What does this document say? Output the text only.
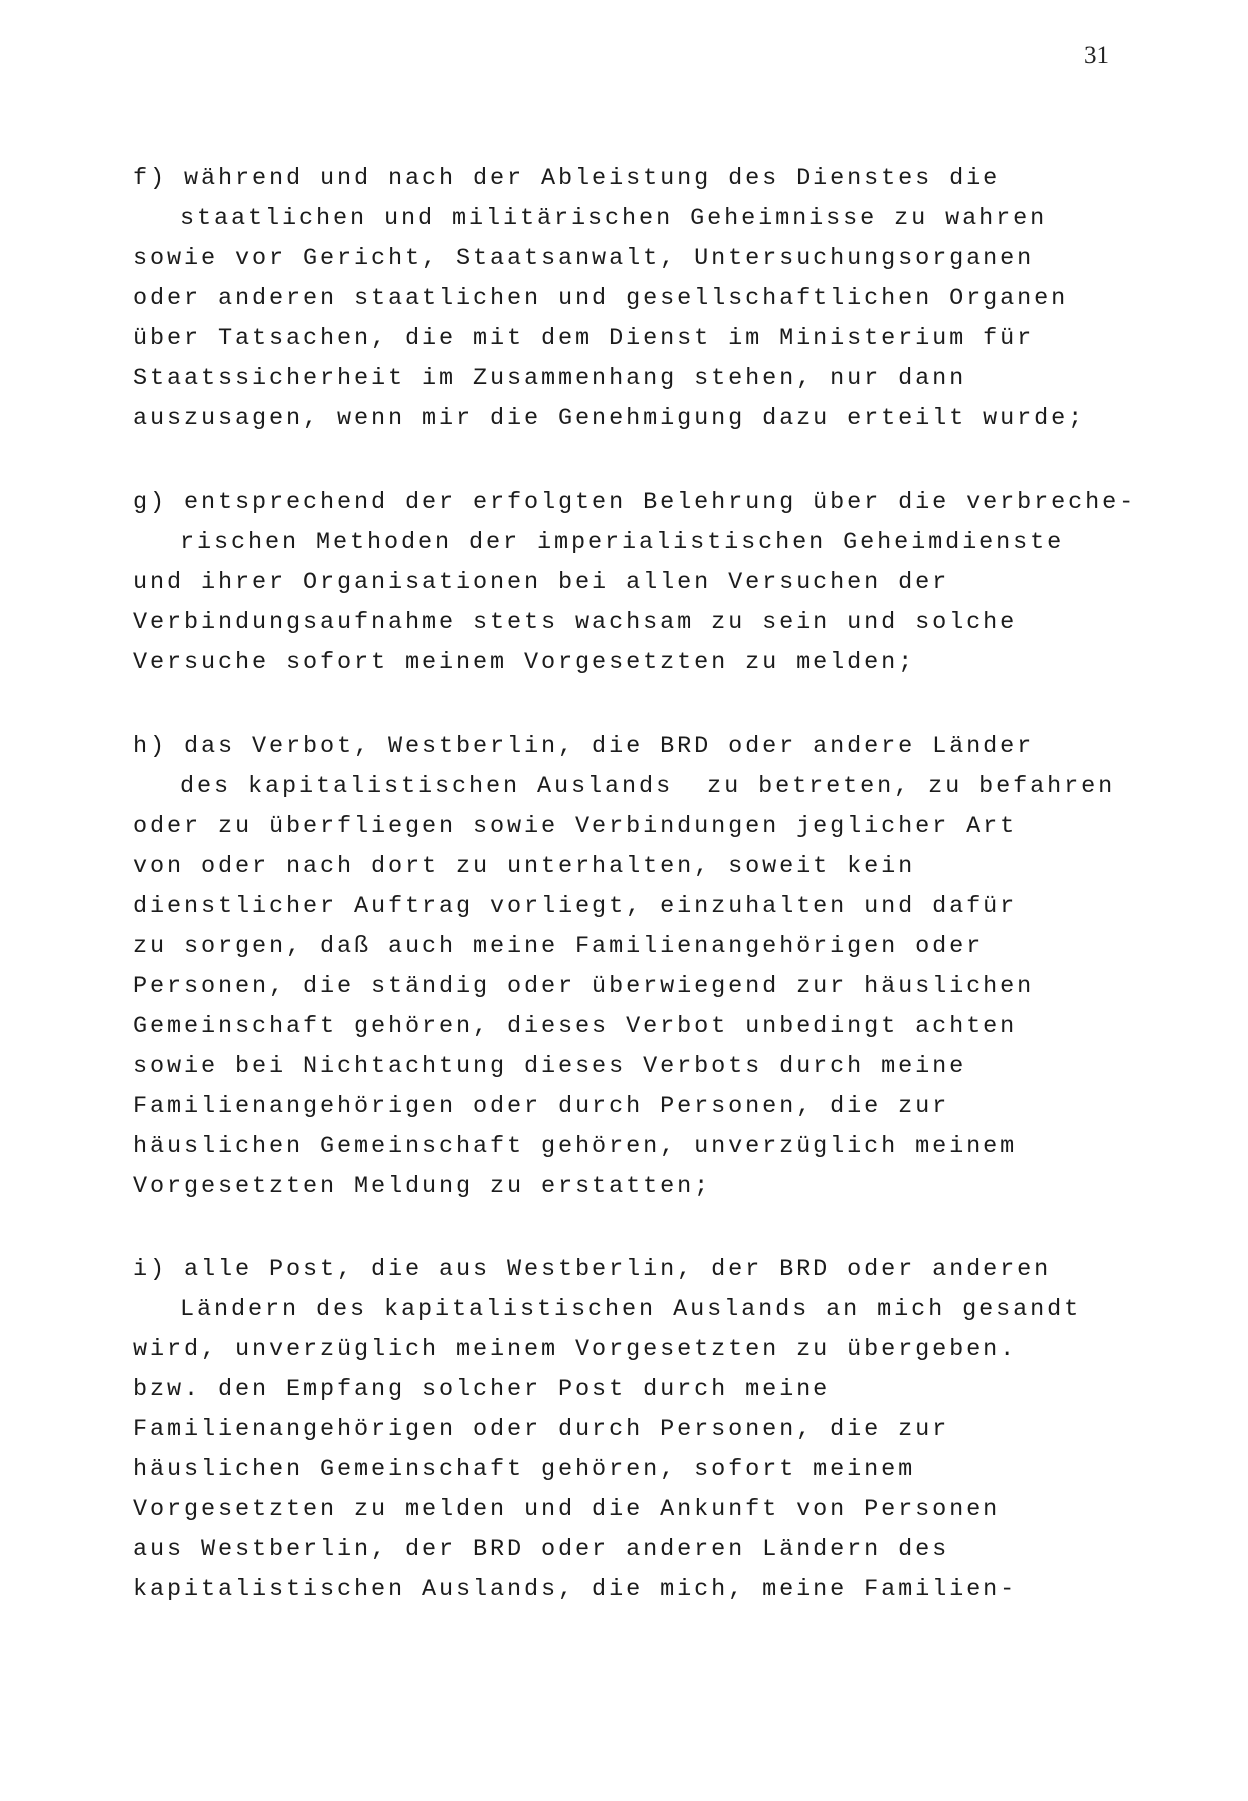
31
f) während und nach der Ableistung des Dienstes die
staatlichen und militärischen Geheimnisse zu wahren
sowie vor Gericht, Staatsanwalt, Untersuchungsorganen
oder anderen staatlichen und gesellschaftlichen Organen
über Tatsachen, die mit dem Dienst im Ministerium für
Staatssicherheit im Zusammenhang stehen, nur dann
auszusagen, wenn mir die Genehmigung dazu erteilt wurde;
g) entsprechend der erfolgten Belehrung über die verbreche-
rischen Methoden der imperialistischen Geheimdienste
und ihrer Organisationen bei allen Versuchen der
Verbindungsaufnahme stets wachsam zu sein und solche
Versuche sofort meinem Vorgesetzten zu melden;
h) das Verbot, Westberlin, die BRD oder andere Länder
des kapitalistischen Auslands  zu betreten, zu befahren
oder zu überfliegen sowie Verbindungen jeglicher Art
von oder nach dort zu unterhalten, soweit kein
dienstlicher Auftrag vorliegt, einzuhalten und dafür
zu sorgen, daß auch meine Familienangehörigen oder
Personen, die ständig oder überwiegend zur häuslichen
Gemeinschaft gehören, dieses Verbot unbedingt achten
sowie bei Nichtachtung dieses Verbots durch meine
Familienangehörigen oder durch Personen, die zur
häuslichen Gemeinschaft gehören, unverzüglich meinem
Vorgesetzten Meldung zu erstatten;
i) alle Post, die aus Westberlin, der BRD oder anderen
Ländern des kapitalistischen Auslands an mich gesandt
wird, unverzüglich meinem Vorgesetzten zu übergeben.
bzw. den Empfang solcher Post durch meine
Familienangehörigen oder durch Personen, die zur
häuslichen Gemeinschaft gehören, sofort meinem
Vorgesetzten zu melden und die Ankunft von Personen
aus Westberlin, der BRD oder anderen Ländern des
kapitalistischen Auslands, die mich, meine Familien-
